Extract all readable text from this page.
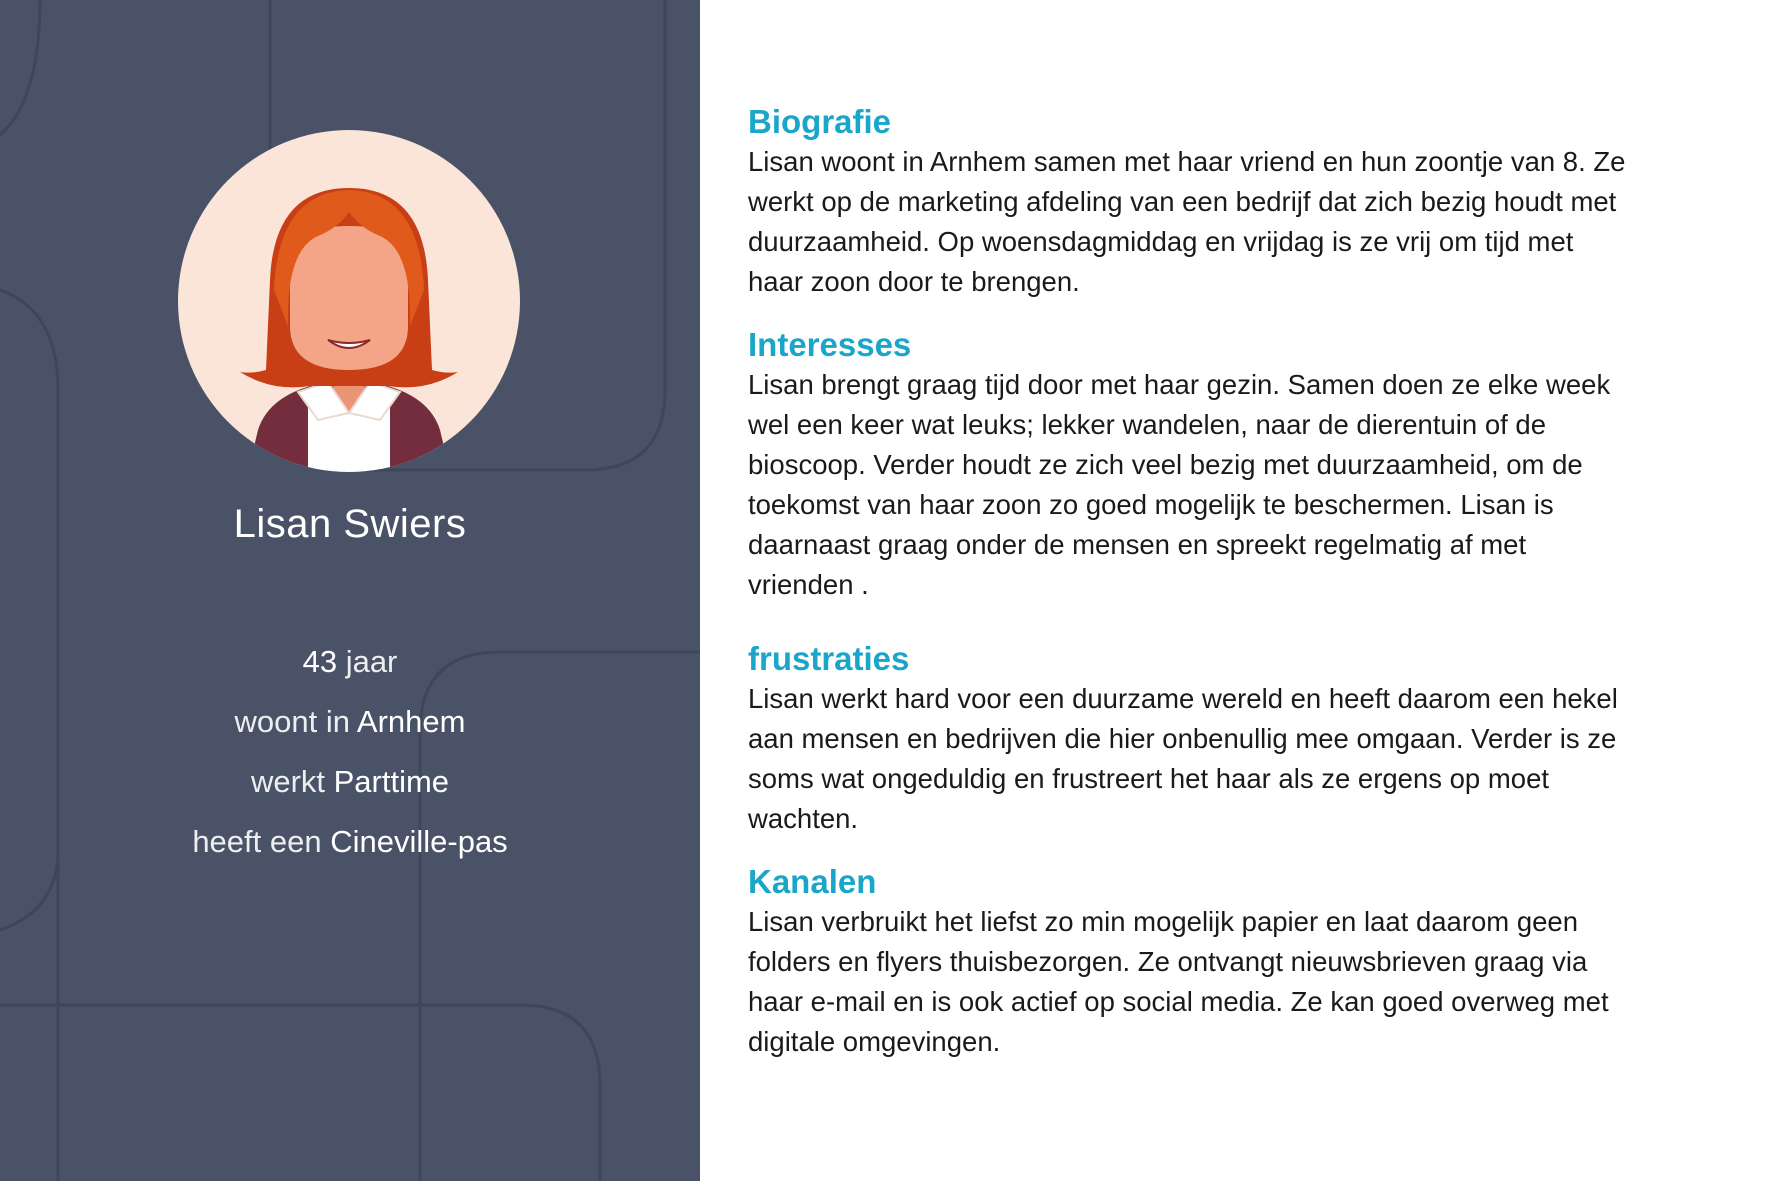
Lisan Swiers
43 jaar
woont in Arnhem
werkt Parttime
heeft een Cineville-pas
Biografie

Lisan woont in Arnhem samen met haar vriend en hun zoontje van 8. Ze werkt op de marketing afdeling van een bedrijf dat zich bezig houdt met duurzaamheid. Op woensdagmiddag en vrijdag is ze vrij om tijd met haar zoon door te brengen.

Interesses

Lisan brengt graag tijd door met haar gezin. Samen doen ze elke week wel een keer wat leuks; lekker wandelen, naar de dierentuin of de bioscoop. Verder houdt ze zich veel bezig met duurzaamheid, om de toekomst van haar zoon zo goed mogelijk te beschermen. Lisan is daarnaast graag onder de mensen en spreekt regelmatig af met vrienden .

frustraties

Lisan werkt hard voor een duurzame wereld en heeft daarom een hekel aan mensen en bedrijven die hier onbenullig mee omgaan. Verder is ze soms wat ongeduldig en frustreert het haar als ze ergens op moet wachten.

Kanalen

Lisan verbruikt het liefst zo min mogelijk papier en laat daarom geen folders en flyers thuisbezorgen. Ze ontvangt nieuwsbrieven graag via haar e-mail en is ook actief op social media. Ze kan goed overweg met digitale omgevingen.
